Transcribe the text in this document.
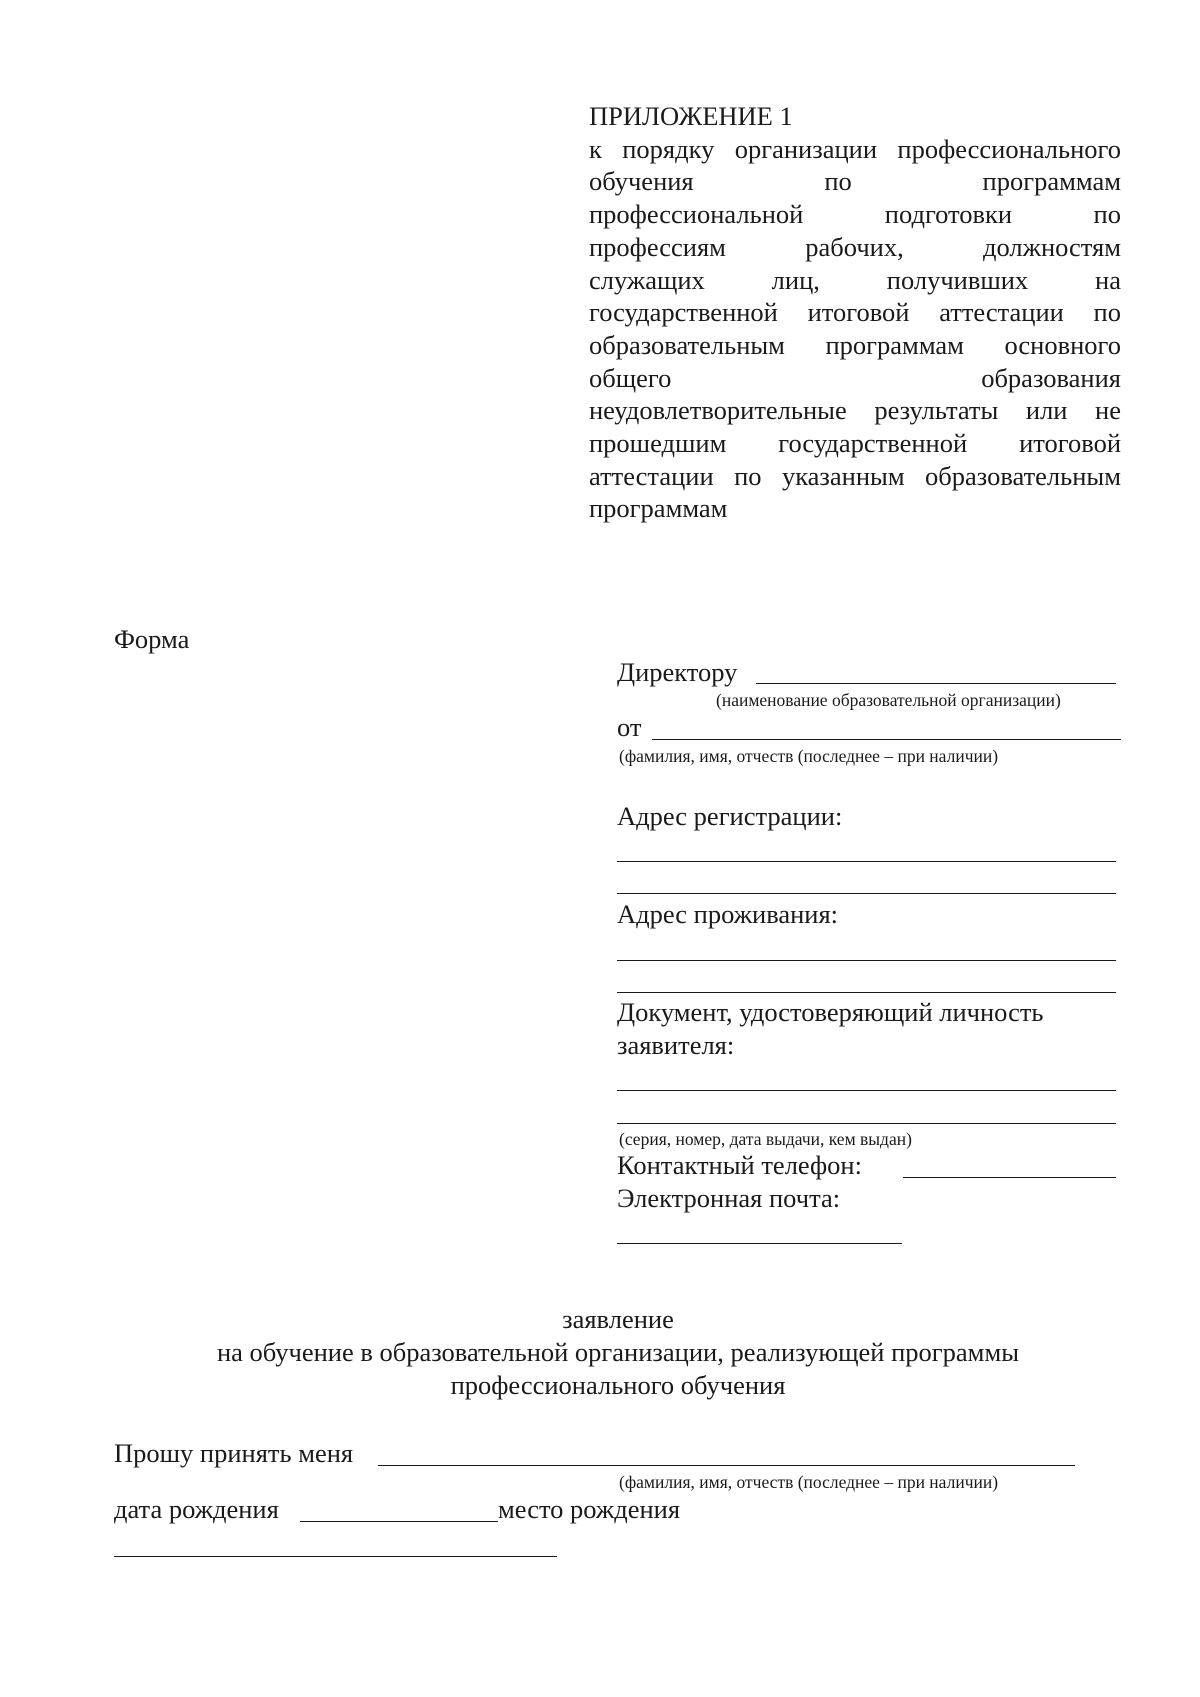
ПРИЛОЖЕНИЕ 1
к порядку организации профессионального
обучения по программам
профессиональной подготовки по
профессиям рабочих, должностям
служащих лиц, получивших на
государственной итоговой аттестации по
образовательным программам основного
общего образования
неудовлетворительные результаты или не
прошедшим государственной итоговой
аттестации по указанным образовательным
программам
Форма
Директору
(наименование образовательной организации)
от
(фамилия, имя, отчеств (последнее – при наличии)
Адрес регистрации:
Адрес проживания:
Документ, удостоверяющий личность
заявителя:
(серия, номер, дата выдачи, кем выдан)
Контактный телефон:
Электронная почта:
заявление
на обучение в образовательной организации, реализующей программы
профессионального обучения
Прошу принять меня
(фамилия, имя, отчеств (последнее – при наличии)
дата рождения	место рождения
